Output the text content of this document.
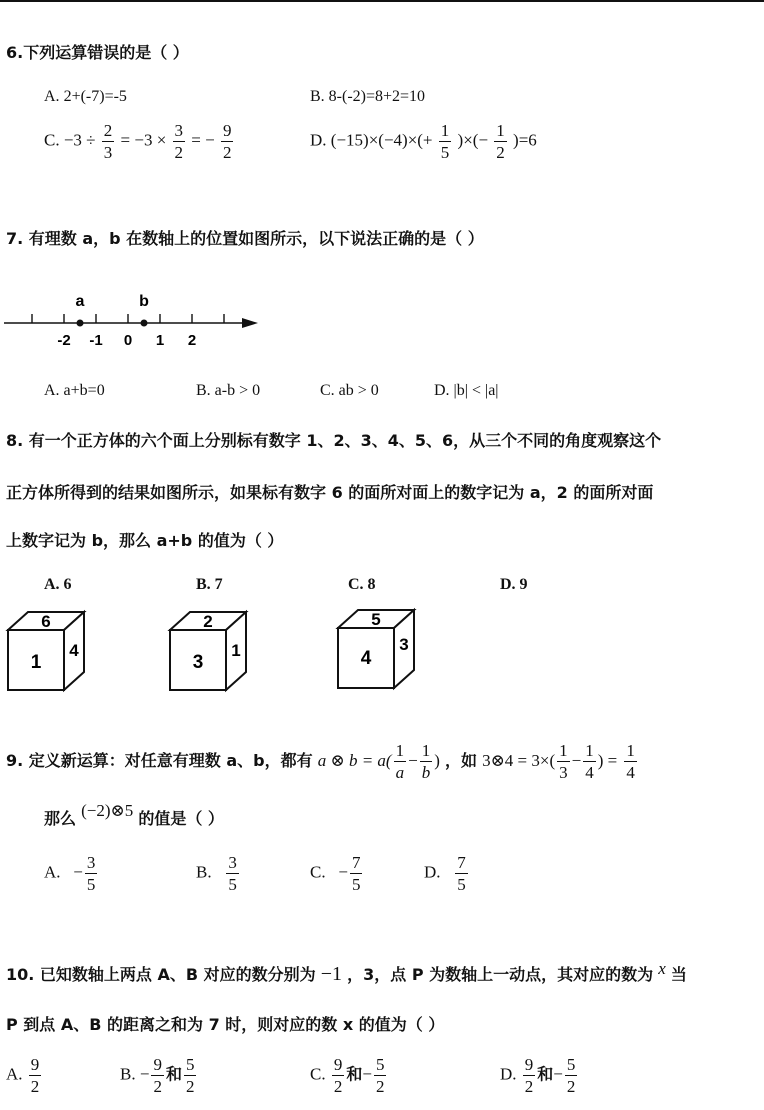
6.下列运算错误的是（ ）
A. 2+(-7)=-5	B. 8-(-2)=8+2=10
C. $-3 \div \frac{2}{3} = -3 \times \frac{3}{2}$ = − $\frac{9}{2}$	D. $(-15)\times(-4)\times(+ \frac{1}{5}$ )×(− $\frac{1}{2} )=6$
7. 有理数 a，b 在数轴上的位置如图所示，以下说法正确的是（ ）
-2 -1 0 1 2
a	b
A. a+b=0	B. a-b ˃ 0	C. ab ˃ 0	D. |b| ˂ |a|
8. 有一个正方体的六个面上分别标有数字 1、2、3、4、5、6，从三个不同的角度观察这个
正方体所得到的结果如图所示，如果标有数字 6 的面所对面上的数字记为 a，2 的面所对面
上数字记为 b，那么 a+b 的值为（ ）
A. 6	B. 7	C. 8	D. 9
6
4
1
2
1
3
5
3
4
9. 定义新运算：对任意有理数 a、b，都有 a ⊗ $b = a( \frac{1}{a} - \frac{1}{b}$ ) ，如 3⊗4 = $3\times( \frac{1}{3} - \frac{1}{4}$ ) = $\frac{1}{4}$
那么 (−2)⊗5 的值是（ ）
A. − $\frac{3}{5}$	B. $\frac{3}{5}$	C. − $\frac{7}{5}$	D. $\frac{7}{5}$
10. 已知数轴上两点 A、B 对应的数分别为 −1 ，3，点 P 为数轴上一动点，其对应的数为 x 当
P 到点 A、B 的距离之和为 7 时，则对应的数 x 的值为（ ）
A. $\frac{9}{2}$	B. − $\frac{9}{2}$ 和 $\frac{5}{2}$	C. $\frac{9}{2}$ 和− $\frac{5}{2}$	D. $\frac{9}{2}$ 和− $\frac{5}{2}$
